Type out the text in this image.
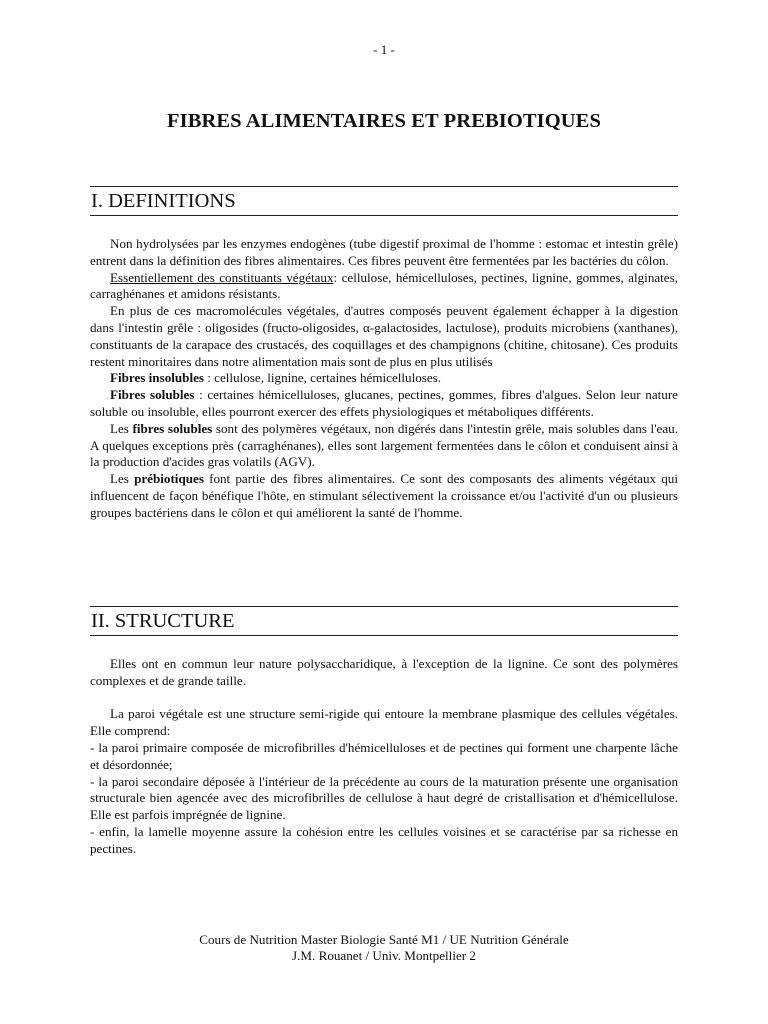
- 1 -
FIBRES ALIMENTAIRES ET PREBIOTIQUES
I. DEFINITIONS

Non hydrolysées par les enzymes endogènes (tube digestif proximal de l'homme : estomac et intestin grêle) entrent dans la définition des fibres alimentaires. Ces fibres peuvent être fermentées par les bactéries du côlon.

Essentiellement des constituants végétaux: cellulose, hémicelluloses, pectines, lignine, gommes, alginates, carraghénanes et amidons résistants.

En plus de ces macromolécules végétales, d'autres composés peuvent également échapper à la digestion dans l'intestin grêle : oligosides (fructo-oligosides, α-galactosides, lactulose), produits microbiens (xanthanes), constituants de la carapace des crustacés, des coquillages et des champignons (chitine, chitosane). Ces produits restent minoritaires dans notre alimentation mais sont de plus en plus utilisés

Fibres insolubles : cellulose, lignine, certaines hémicelluloses.

Fibres solubles : certaines hémicelluloses, glucanes, pectines, gommes, fibres d'algues. Selon leur nature soluble ou insoluble, elles pourront exercer des effets physiologiques et métaboliques différents.

Les fibres solubles sont des polymères végétaux, non digérés dans l'intestin grêle, mais solubles dans l'eau. A quelques exceptions près (carraghénanes), elles sont largement fermentées dans le côlon et conduisent ainsi à la production d'acides gras volatils (AGV).

Les prébiotiques font partie des fibres alimentaires. Ce sont des composants des aliments végétaux qui influencent de façon bénéfique l'hôte, en stimulant sélectivement la croissance et/ou l'activité d'un ou plusieurs groupes bactériens dans le côlon et qui améliorent la santé de l'homme.

II. STRUCTURE

Elles ont en commun leur nature polysaccharidique, à l'exception de la lignine. Ce sont des polymères complexes et de grande taille.

La paroi végétale est une structure semi-rigide qui entoure la membrane plasmique des cellules végétales. Elle comprend:

- la paroi primaire composée de microfibrilles d'hémicelluloses et de pectines qui forment une charpente lâche et désordonnée;

- la paroi secondaire déposée à l'intérieur de la précédente au cours de la maturation présente une organisation structurale bien agencée avec des microfibrilles de cellulose à haut degré de cristallisation et d'hémicellulose. Elle est parfois imprégnée de lignine.

- enfin, la lamelle moyenne assure la cohésion entre les cellules voisines et se caractérise par sa richesse en pectines.

Cours de Nutrition Master Biologie Santé M1 / UE Nutrition Générale
J.M. Rouanet / Univ. Montpellier 2
